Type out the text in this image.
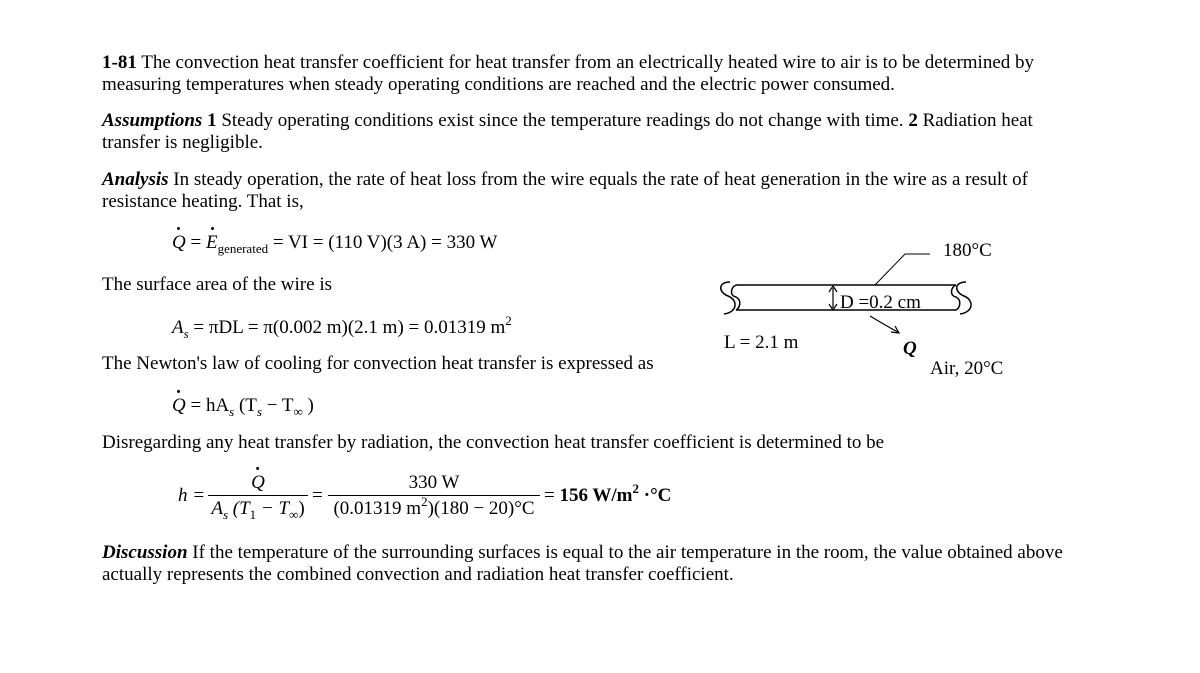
1-81 The convection heat transfer coefficient for heat transfer from an electrically heated wire to air is to be determined by measuring temperatures when steady operating conditions are reached and the electric power consumed.

Assumptions 1 Steady operating conditions exist since the temperature readings do not change with time. 2 Radiation heat transfer is negligible.

Analysis In steady operation, the rate of heat loss from the wire equals the rate of heat generation in the wire as a result of resistance heating. That is,

· Q = · $E_{generated}$ = VI = (110 V)(3 A) = 330 W
The surface area of the wire is
$A_s = \pi DL = \pi(0.002$ m)(2.1 m) = 0.01319 $m^2$
The Newton's law of cooling for convection heat transfer is expressed as
· $Q = hA_s$ ($T_s - T_\infty$ )
Disregarding any heat transfer by radiation, the convection heat transfer coefficient is determined to be
h =
· Q
$A_s$ $(T_1 - T_\infty)$
=
330 W
(0.01319 $m^2)(180 - 20)^\circ C$
= 156 $W/m^2 \cdot^\circ C$

Discussion If the temperature of the surrounding surfaces is equal to the air temperature in the room, the value obtained above actually represents the combined convection and radiation heat transfer coefficient.

180°C
D =0.2 cm
L = 2.1 m	Q
Air, 20°C
